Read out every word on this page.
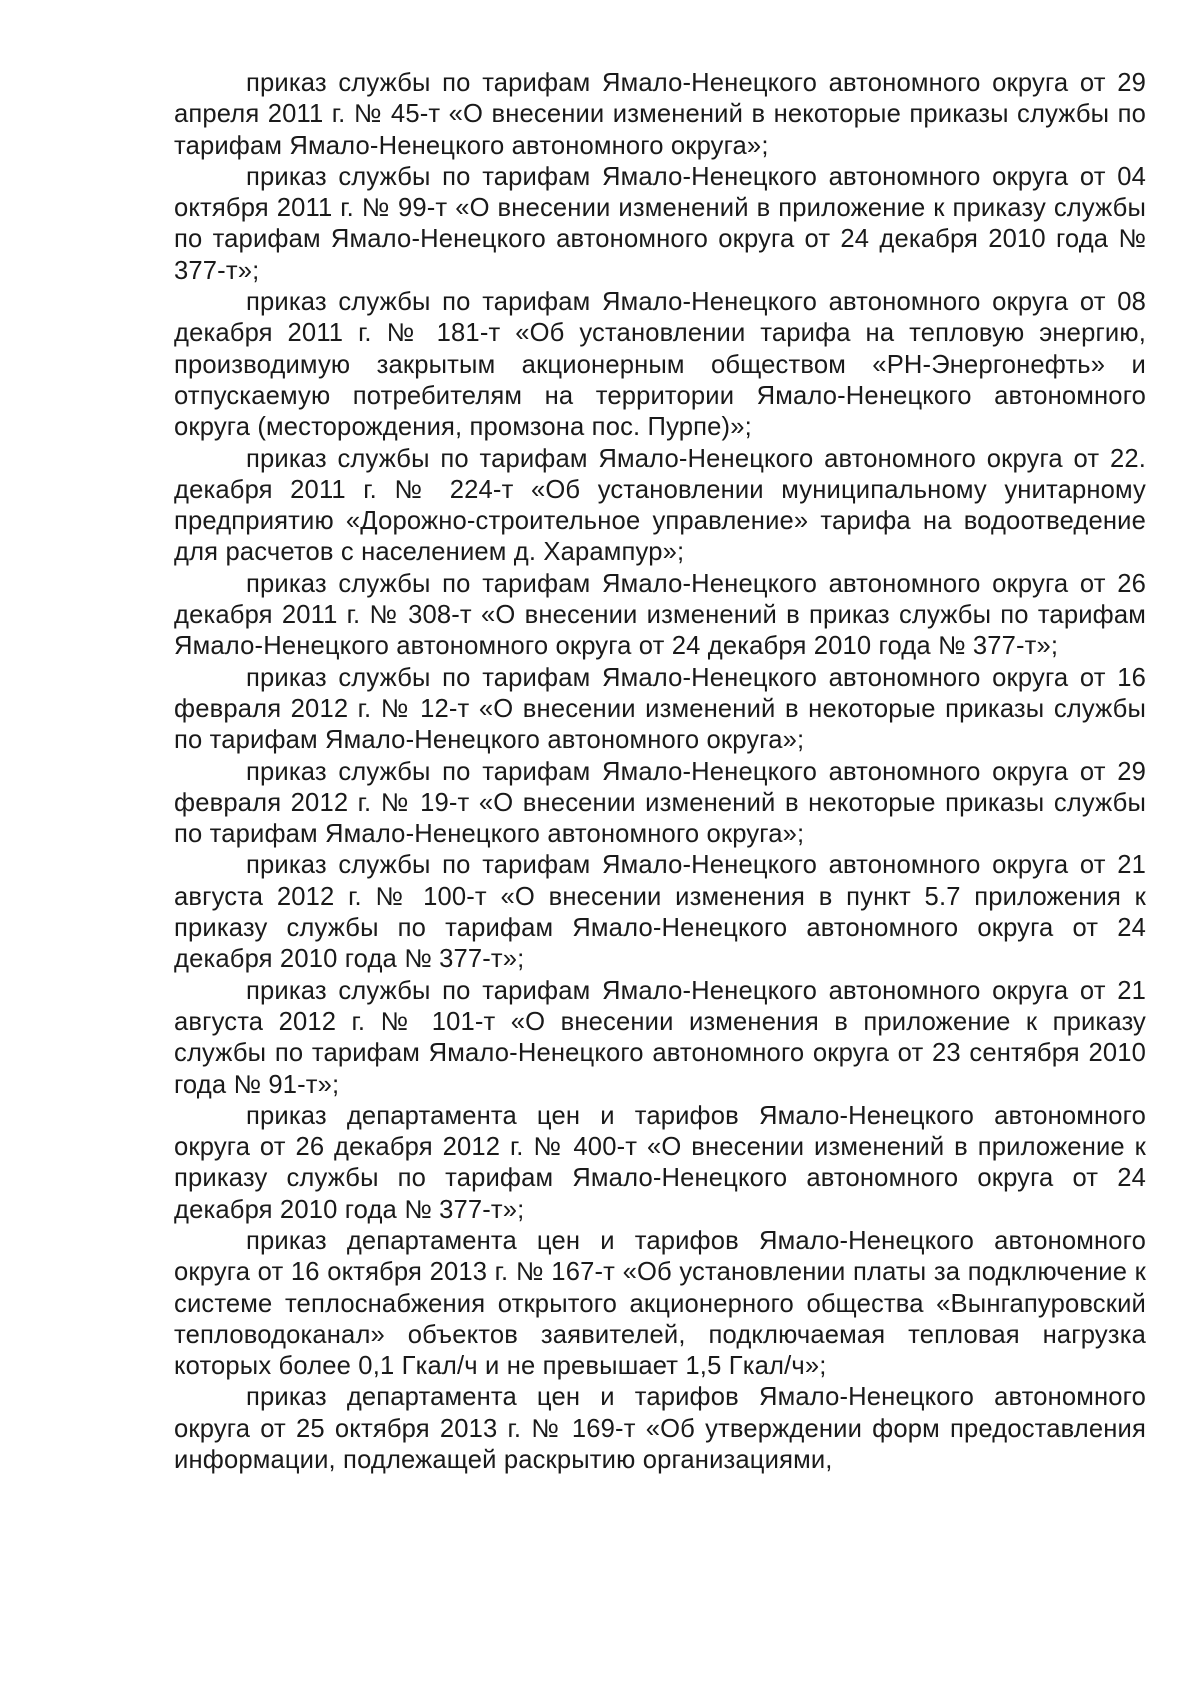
приказ службы по тарифам Ямало-Ненецкого автономного округа от 29 апреля 2011 г. № 45-т «О внесении изменений в некоторые приказы службы по тарифам Ямало-Ненецкого автономного округа»;

приказ службы по тарифам Ямало-Ненецкого автономного округа от 04 октября 2011 г. № 99-т «О внесении изменений в приложение к приказу службы по тарифам Ямало-Ненецкого автономного округа от 24 декабря 2010 года № 377-т»;

приказ службы по тарифам Ямало-Ненецкого автономного округа от 08 декабря 2011 г. № 181-т «Об установлении тарифа на тепловую энергию, производимую закрытым акционерным обществом «РН-Энергонефть» и отпускаемую потребителям на территории Ямало-Ненецкого автономного округа (месторождения, промзона пос. Пурпе)»;

приказ службы по тарифам Ямало-Ненецкого автономного округа от 22. декабря 2011 г. № 224-т «Об установлении муниципальному унитарному предприятию «Дорожно-строительное управление» тарифа на водоотведение для расчетов с населением д. Харампур»;

приказ службы по тарифам Ямало-Ненецкого автономного округа от 26 декабря 2011 г. № 308-т «О внесении изменений в приказ службы по тарифам Ямало-Ненецкого автономного округа от 24 декабря 2010 года № 377-т»;

приказ службы по тарифам Ямало-Ненецкого автономного округа от 16 февраля 2012 г. № 12-т «О внесении изменений в некоторые приказы службы по тарифам Ямало-Ненецкого автономного округа»;

приказ службы по тарифам Ямало-Ненецкого автономного округа от 29 февраля 2012 г. № 19-т «О внесении изменений в некоторые приказы службы по тарифам Ямало-Ненецкого автономного округа»;

приказ службы по тарифам Ямало-Ненецкого автономного округа от 21 августа 2012 г. № 100-т «О внесении изменения в пункт 5.7 приложения к приказу службы по тарифам Ямало-Ненецкого автономного округа от 24 декабря 2010 года № 377-т»;

приказ службы по тарифам Ямало-Ненецкого автономного округа от 21 августа 2012 г. № 101-т «О внесении изменения в приложение к приказу службы по тарифам Ямало-Ненецкого автономного округа от 23 сентября 2010 года № 91-т»;

приказ департамента цен и тарифов Ямало-Ненецкого автономного округа от 26 декабря 2012 г. № 400-т «О внесении изменений в приложение к приказу службы по тарифам Ямало-Ненецкого автономного округа от 24 декабря 2010 года № 377-т»;

приказ департамента цен и тарифов Ямало-Ненецкого автономного округа от 16 октября 2013 г. № 167-т «Об установлении платы за подключение к системе теплоснабжения открытого акционерного общества «Вынгапуровский тепловодоканал» объектов заявителей, подключаемая тепловая нагрузка которых более 0,1 Гкал/ч и не превышает 1,5 Гкал/ч»;

приказ департамента цен и тарифов Ямало-Ненецкого автономного округа от 25 октября 2013 г. № 169-т «Об утверждении форм предоставления информации, подлежащей раскрытию организациями,
